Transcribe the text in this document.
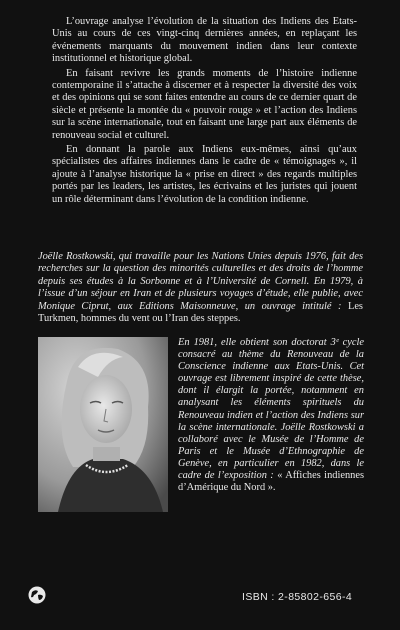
L’ouvrage analyse l’évolution de la situation des Indiens des Etats-Unis au cours de ces vingt-cinq dernières années, en replaçant les événements marquants du mouvement indien dans leur contexte institutionnel et historique global.

En faisant revivre les grands moments de l’histoire indienne contemporaine il s’attache à discerner et à respecter la diversité des voix et des opinions qui se sont faites entendre au cours de ce dernier quart de siècle et présente la montée du « pouvoir rouge » et l’action des Indiens sur la scène internationale, tout en faisant une large part aux éléments de renouveau social et culturel.

En donnant la parole aux Indiens eux-mêmes, ainsi qu’aux spécialistes des affaires indiennes dans le cadre de « témoignages », il ajoute à l’analyse historique la « prise en direct » des regards multiples portés par les leaders, les artistes, les écrivains et les juristes qui jouent un rôle déterminant dans l’évolution de la condition indienne.

Joëlle Rostkowski, qui travaille pour les Nations Unies depuis 1976, fait des recherches sur la question des minorités culturelles et des droits de l’homme depuis ses études à la Sorbonne et à l’Université de Cornell. En 1979, à l’issue d’un séjour en Iran et de plusieurs voyages d’étude, elle publie, avec Monique Ciprut, aux Editions Maisonneuve, un ouvrage intitulé : Les Turkmen, hommes du vent ou l’Iran des steppes.

En 1981, elle obtient son doctorat 3ᵉ cycle consacré au thème du Renouveau de la Conscience indienne aux Etats-Unis. Cet ouvrage est librement inspiré de cette thèse, dont il élargit la portée, notamment en analysant les éléments spirituels du Renouveau indien et l’action des Indiens sur la scène internationale. Joëlle Rostkowski a collaboré avec le Musée de l’Homme de Paris et le Musée d’Ethnographie de Genève, en particulier en 1982, dans le cadre de l’exposition : « Affiches indiennes d’Amérique du Nord ».

ISBN : 2-85802-656-4
